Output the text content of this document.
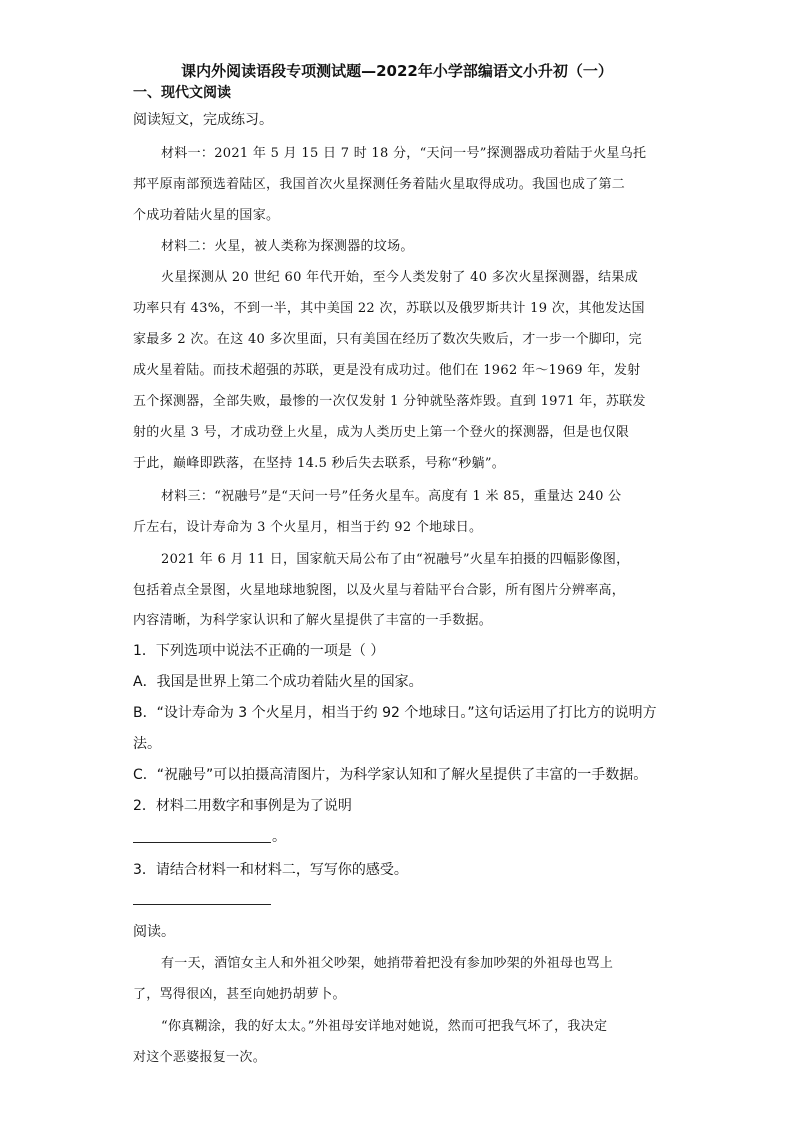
课内外阅读语段专项测试题—2022年小学部编语文小升初（一）
一、现代文阅读
阅读短文，完成练习。
材料一：2021 年 5 月 15 日 7 时 18 分，“天问一号”探测器成功着陆于火星乌托
邦平原南部预选着陆区，我国首次火星探测任务着陆火星取得成功。我国也成了第二
个成功着陆火星的国家。
材料二：火星，被人类称为探测器的坟场。
火星探测从 20 世纪 60 年代开始，至今人类发射了 40 多次火星探测器，结果成
功率只有 43%，不到一半，其中美国 22 次，苏联以及俄罗斯共计 19 次，其他发达国
家最多 2 次。在这 40 多次里面，只有美国在经历了数次失败后，才一步一个脚印，完
成火星着陆。而技术超强的苏联，更是没有成功过。他们在 1962 年～1969 年，发射
五个探测器，全部失败，最惨的一次仅发射 1 分钟就坠落炸毁。直到 1971 年，苏联发
射的火星 3 号，才成功登上火星，成为人类历史上第一个登火的探测器，但是也仅限
于此，巅峰即跌落，在坚持 14.5 秒后失去联系，号称“秒躺”。
材料三：“祝融号”是“天问一号”任务火星车。高度有 1 米 85，重量达 240 公
斤左右，设计寿命为 3 个火星月，相当于约 92 个地球日。
2021 年 6 月 11 日，国家航天局公布了由“祝融号”火星车拍摄的四幅影像图，
包括着点全景图，火星地球地貌图，以及火星与着陆平台合影，所有图片分辨率高，
内容清晰，为科学家认识和了解火星提供了丰富的一手数据。
1．下列选项中说法不正确的一项是（ ）
A．我国是世界上第二个成功着陆火星的国家。
B．“设计寿命为 3 个火星月，相当于约 92 个地球日。”这句话运用了打比方的说明方
法。
C．“祝融号”可以拍摄高清图片，为科学家认知和了解火星提供了丰富的一手数据。
2．材料二用数字和事例是为了说明
。
3．请结合材料一和材料二，写写你的感受。
阅读。
有一天，酒馆女主人和外祖父吵架，她捎带着把没有参加吵架的外祖母也骂上
了，骂得很凶，甚至向她扔胡萝卜。
“你真糊涂，我的好太太。”外祖母安详地对她说，然而可把我气坏了，我决定
对这个恶婆报复一次。
